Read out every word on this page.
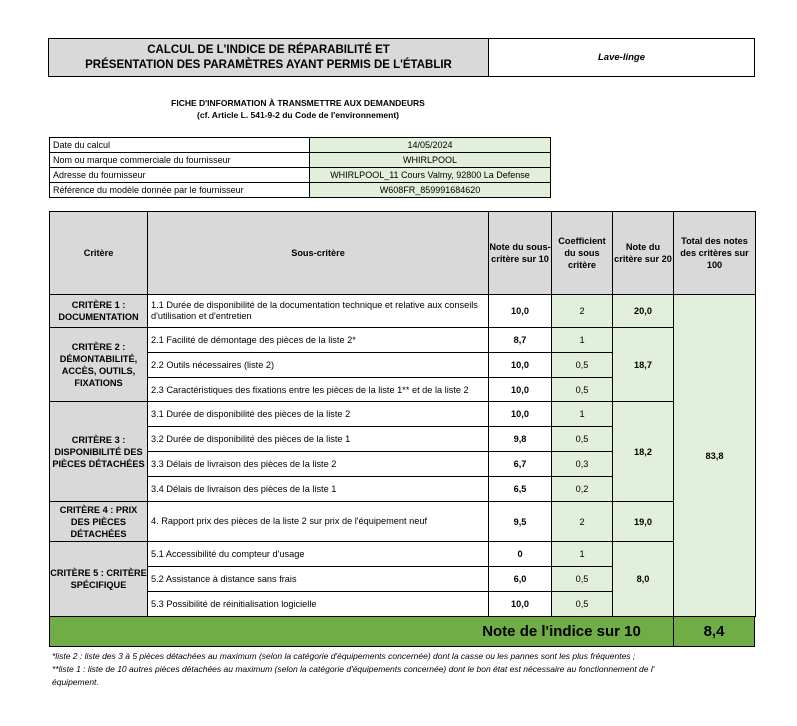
CALCUL DE L'INDICE DE RÉPARABILITÉ ET
PRÉSENTATION DES PARAMÈTRES AYANT PERMIS DE L'ÉTABLIR
Lave-linge
FICHE D'INFORMATION À TRANSMETTRE AUX DEMANDEURS
(cf. Article L. 541-9-2 du Code de l'environnement)
Date du calcul	14/05/2024
Nom ou marque commerciale du fournisseur	WHIRLPOOL
Adresse du fournisseur	WHIRLPOOL_11 Cours Valmy, 92800 La Defense
Référence du modèle donnée par le fournisseur	W608FR_859991684620
Critère	Sous-critère	Note du sous-critère sur 10	Coefficient du sous critère	Note du critère sur 20	Total des notes des critères sur 100
CRITÈRE 1 : DOCUMENTATION	1.1 Durée de disponibilité de la documentation technique et relative aux conseils d'utilisation et d'entretien	10,0	2	20,0	83,8
CRITÈRE 2 : DÉMONTABILITÉ, ACCÈS, OUTILS, FIXATIONS	2.1 Facilité de démontage des pièces de la liste 2*	8,7	1	18,7	
	2.2 Outils nécessaires (liste 2)	10,0	0,5		
	2.3 Caractéristiques des fixations entre les pièces de la liste 1** et de la liste 2	10,0	0,5		
CRITÈRE 3 : DISPONIBILITÉ DES PIÈCES DÉTACHÉES	3.1 Durée de disponibilité des pièces de la liste 2	10,0	1	18,2	
	3.2 Durée de disponibilité des pièces de la liste 1	9,8	0,5		
	3.3 Délais de livraison des pièces de la liste 2	6,7	0,3		
	3.4 Délais de livraison des pièces de la liste 1	6,5	0,2		
CRITÈRE 4 : PRIX DES PIÈCES DÉTACHÉES	4. Rapport prix des pièces de la liste 2 sur prix de l'équipement neuf	9,5	2	19,0	
CRITÈRE 5 : CRITÈRE SPÉCIFIQUE	5.1 Accessibilité du compteur d'usage	0	1	8,0	
	5.2 Assistance à distance sans frais	6,0	0,5		
	5.3 Possibilité de réinitialisation logicielle	10,0	0,5		
Note de l'indice sur 10	8,4
*liste 2 : liste des 3 à 5 pièces détachées au maximum (selon la catégorie d'équipements concernée) dont la casse ou les pannes sont les plus fréquentes ;
**liste 1 : liste de 10 autres pièces détachées au maximum (selon la catégorie d'équipements concernée) dont le bon état est nécessaire au fonctionnement de l'
équipement.
